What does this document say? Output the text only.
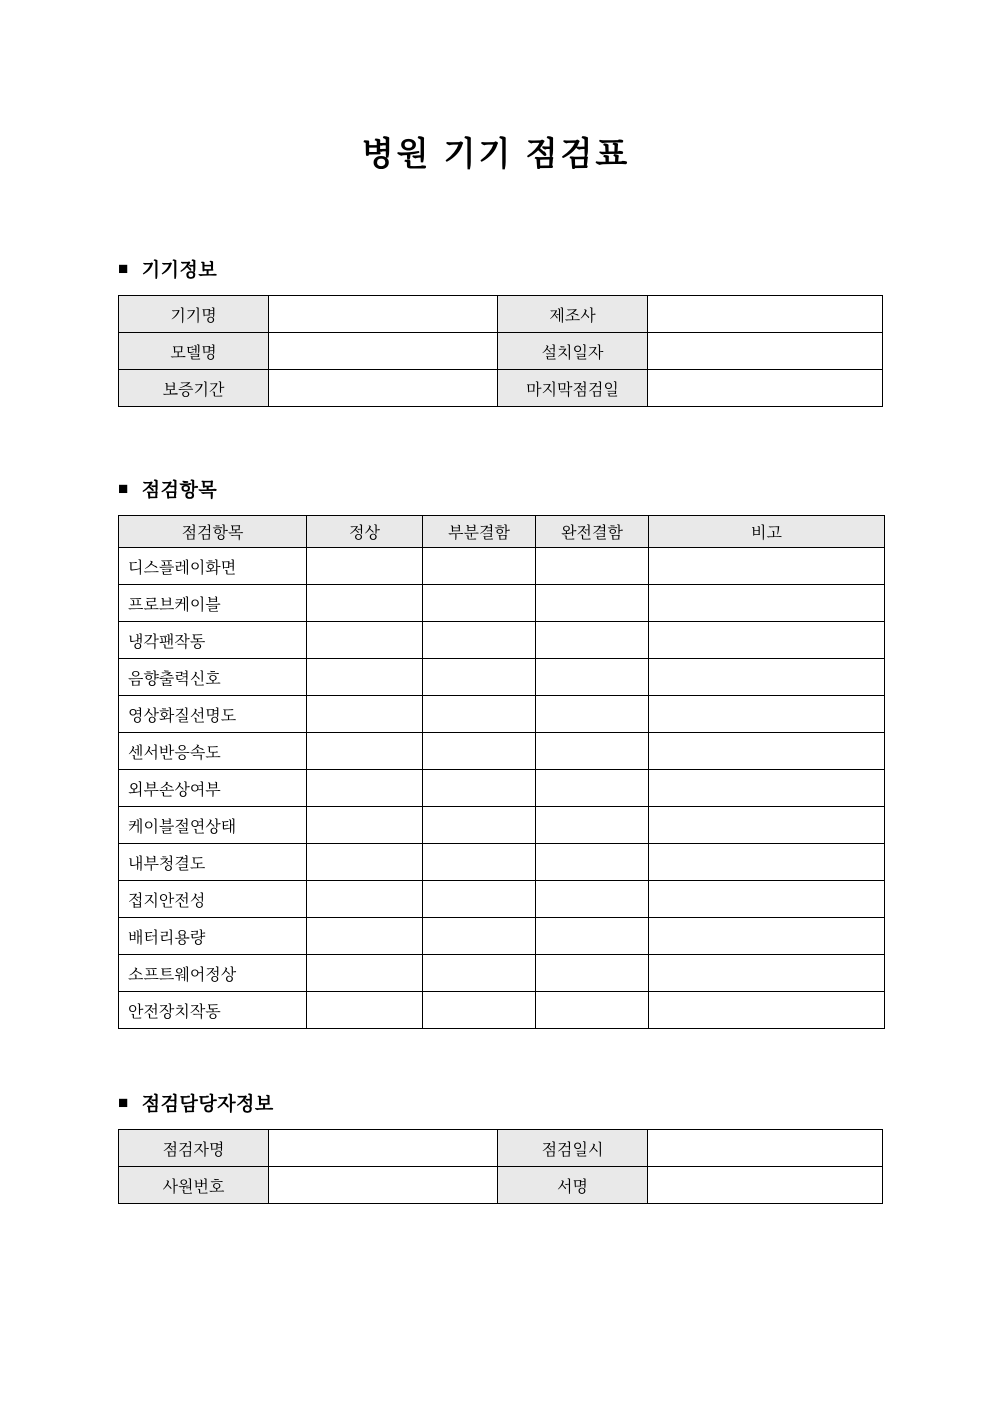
병원 기기 점검표
■ 기기정보
기기명		제조사	
모델명		설치일자	
보증기간		마지막점검일	
■ 점검항목
점검항목	정상	부분결함	완전결함	비고
디스플레이화면				
프로브케이블				
냉각팬작동				
음향출력신호				
영상화질선명도				
센서반응속도				
외부손상여부				
케이블절연상태				
내부청결도				
접지안전성				
배터리용량				
소프트웨어정상				
안전장치작동				
■ 점검담당자정보
점검자명		점검일시	
사원번호		서명	
